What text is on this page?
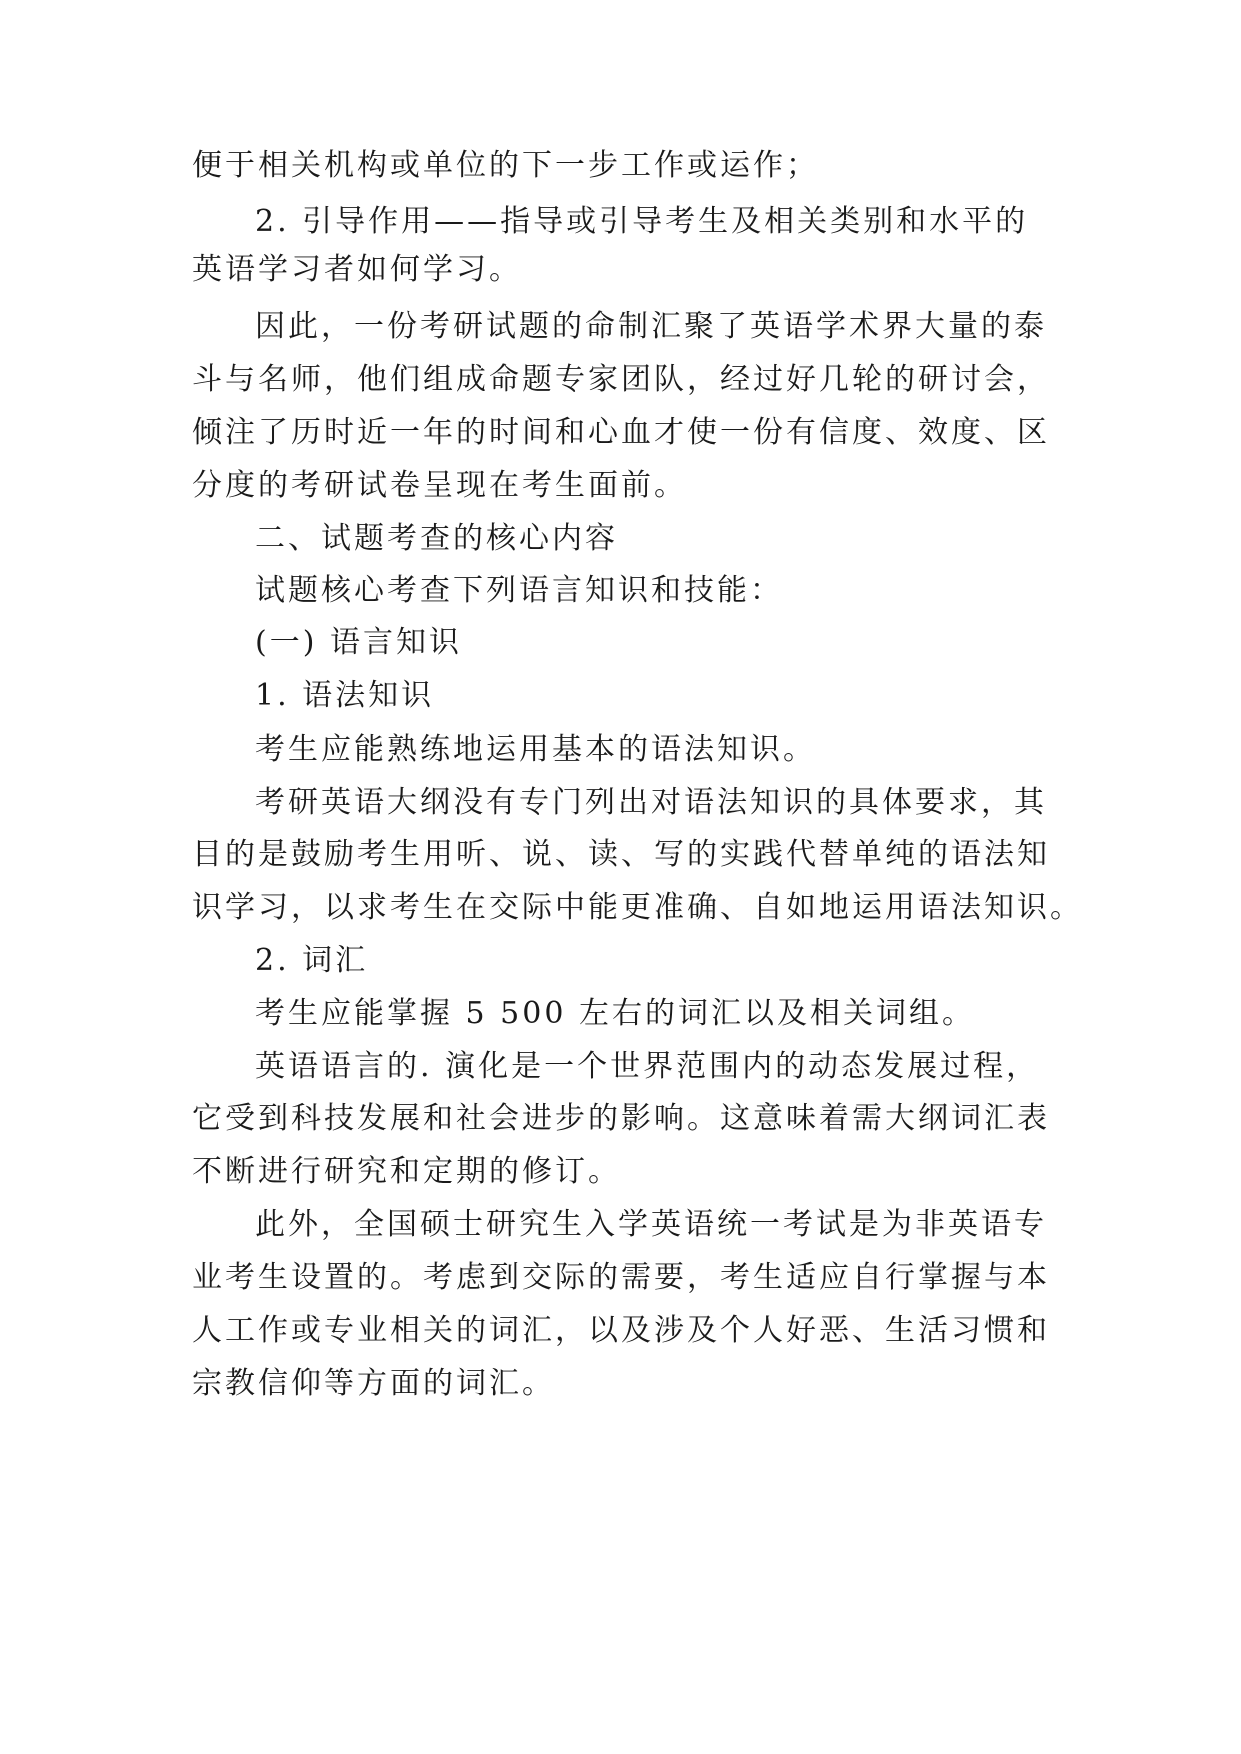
便于相关机构或单位的下一步工作或运作；
2. 引导作用——指导或引导考生及相关类别和水平的
英语学习者如何学习。
因此，一份考研试题的命制汇聚了英语学术界大量的泰
斗与名师，他们组成命题专家团队，经过好几轮的研讨会，
倾注了历时近一年的时间和心血才使一份有信度、效度、区
分度的考研试卷呈现在考生面前。
二、试题考查的核心内容
试题核心考查下列语言知识和技能：
(一) 语言知识
1. 语法知识
考生应能熟练地运用基本的语法知识。
考研英语大纲没有专门列出对语法知识的具体要求，其
目的是鼓励考生用听、说、读、写的实践代替单纯的语法知
识学习，以求考生在交际中能更准确、自如地运用语法知识。
2. 词汇
考生应能掌握 5 500 左右的词汇以及相关词组。
英语语言的. 演化是一个世界范围内的动态发展过程，
它受到科技发展和社会进步的影响。这意味着需大纲词汇表
不断进行研究和定期的修订。
此外，全国硕士研究生入学英语统一考试是为非英语专
业考生设置的。考虑到交际的需要，考生适应自行掌握与本
人工作或专业相关的词汇，以及涉及个人好恶、生活习惯和
宗教信仰等方面的词汇。
